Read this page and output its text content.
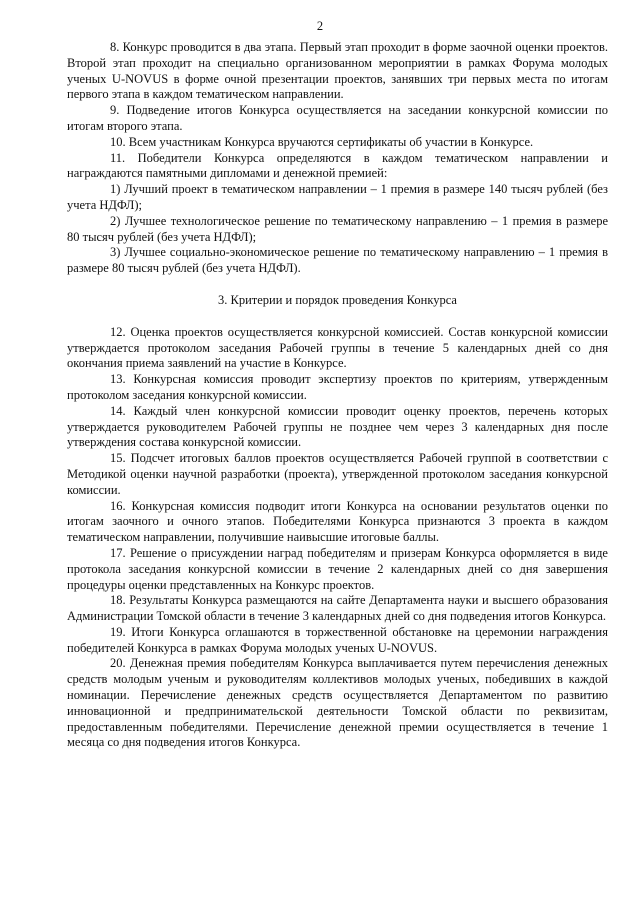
2

8. Конкурс проводится в два этапа. Первый этап проходит в форме заочной оценки проектов. Второй этап проходит на специально организованном мероприятии в рамках Форума молодых ученых U-NOVUS в форме очной презентации проектов, занявших три первых места по итогам первого этапа в каждом тематическом направлении.

9. Подведение итогов Конкурса осуществляется на заседании конкурсной комиссии по итогам второго этапа.

10. Всем участникам Конкурса вручаются сертификаты об участии в Конкурсе.

11. Победители Конкурса определяются в каждом тематическом направлении и награждаются памятными дипломами и денежной премией:

1) Лучший проект в тематическом направлении – 1 премия в размере 140 тысяч рублей (без учета НДФЛ);

2) Лучшее технологическое решение по тематическому направлению – 1 премия в размере 80 тысяч рублей (без учета НДФЛ);

3) Лучшее социально-экономическое решение по тематическому направлению – 1 премия в размере 80 тысяч рублей (без учета НДФЛ).

3. Критерии и порядок проведения Конкурса

12. Оценка проектов осуществляется конкурсной комиссией. Состав конкурсной комиссии утверждается протоколом заседания Рабочей группы в течение 5 календарных дней со дня окончания приема заявлений на участие в Конкурсе.

13. Конкурсная комиссия проводит экспертизу проектов по критериям, утвержденным протоколом заседания конкурсной комиссии.

14. Каждый член конкурсной комиссии проводит оценку проектов, перечень которых утверждается руководителем Рабочей группы не позднее чем через 3 календарных дня после утверждения состава конкурсной комиссии.

15. Подсчет итоговых баллов проектов осуществляется Рабочей группой в соответствии с Методикой оценки научной разработки (проекта), утвержденной протоколом заседания конкурсной комиссии.

16. Конкурсная комиссия подводит итоги Конкурса на основании результатов оценки по итогам заочного и очного этапов. Победителями Конкурса признаются 3 проекта в каждом тематическом направлении, получившие наивысшие итоговые баллы.

17. Решение о присуждении наград победителям и призерам Конкурса оформляется в виде протокола заседания конкурсной комиссии в течение 2 календарных дней со дня завершения процедуры оценки представленных на Конкурс проектов.

18. Результаты Конкурса размещаются на сайте Департамента науки и высшего образования Администрации Томской области в течение 3 календарных дней со дня подведения итогов Конкурса.

19. Итоги Конкурса оглашаются в торжественной обстановке на церемонии награждения победителей Конкурса в рамках Форума молодых ученых U-NOVUS.

20. Денежная премия победителям Конкурса выплачивается путем перечисления денежных средств молодым ученым и руководителям коллективов молодых ученых, победивших в каждой номинации. Перечисление денежных средств осуществляется Департаментом по развитию инновационной и предпринимательской деятельности Томской области по реквизитам, предоставленным победителями. Перечисление денежной премии осуществляется в течение 1 месяца со дня подведения итогов Конкурса.
